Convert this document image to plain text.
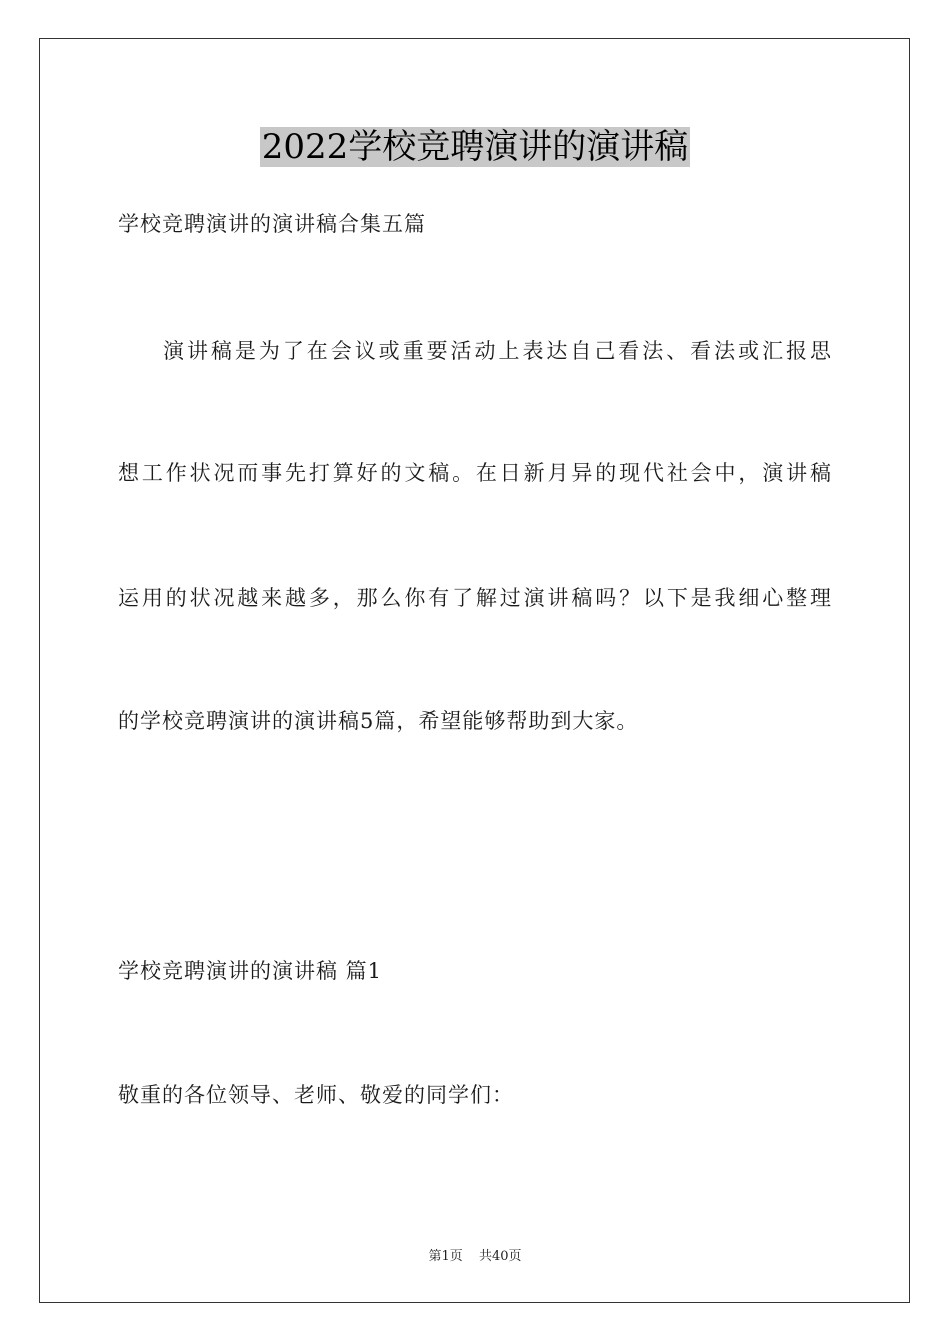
2022学校竞聘演讲的演讲稿
学校竞聘演讲的演讲稿合集五篇
演讲稿是为了在会议或重要活动上表达自己看法、看法或汇报思
想工作状况而事先打算好的文稿。在日新月异的现代社会中，演讲稿
运用的状况越来越多，那么你有了解过演讲稿吗？以下是我细心整理
的学校竞聘演讲的演讲稿5篇，希望能够帮助到大家。
学校竞聘演讲的演讲稿 篇1
敬重的各位领导、老师、敬爱的同学们：
第1页 共40页
